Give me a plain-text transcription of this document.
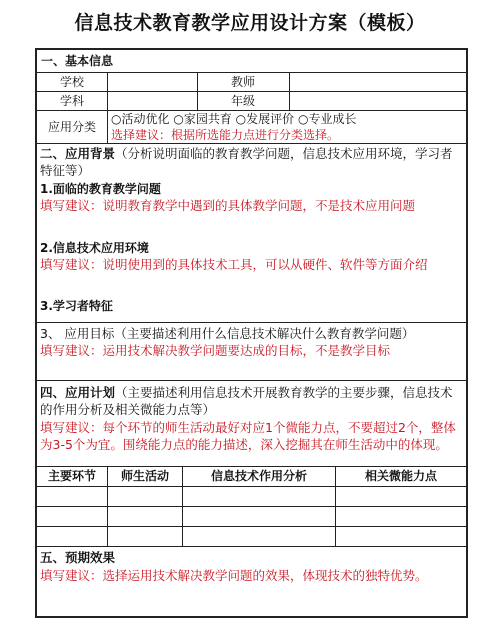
信息技术教育教学应用设计方案（模板）
一、基本信息
学校	教师
学科	年级
应用分类
○活动优化 ○家园共育 ○发展评价 ○专业成长
选择建议：根据所选能力点进行分类选择。
二、应用背景（分析说明面临的教育教学问题，信息技术应用环境，学习者特征等）
1.面临的教育教学问题
填写建议：说明教育教学中遇到的具体教学问题，不是技术应用问题
2.信息技术应用环境
填写建议：说明使用到的具体技术工具，可以从硬件、软件等方面介绍
3.学习者特征
3、 应用目标（主要描述利用什么信息技术解决什么教育教学问题）
填写建议：运用技术解决教学问题要达成的目标，不是教学目标
四、应用计划（主要描述利用信息技术开展教育教学的主要步骤，信息技术的作用分析及相关微能力点等）
填写建议：每个环节的师生活动最好对应1个微能力点，不要超过2个，整体为3-5个为宜。围绕能力点的能力描述，深入挖掘其在师生活动中的体现。
主要环节	师生活动	信息技术作用分析	相关微能力点
五、预期效果
填写建议：选择运用技术解决教学问题的效果，体现技术的独特优势。
